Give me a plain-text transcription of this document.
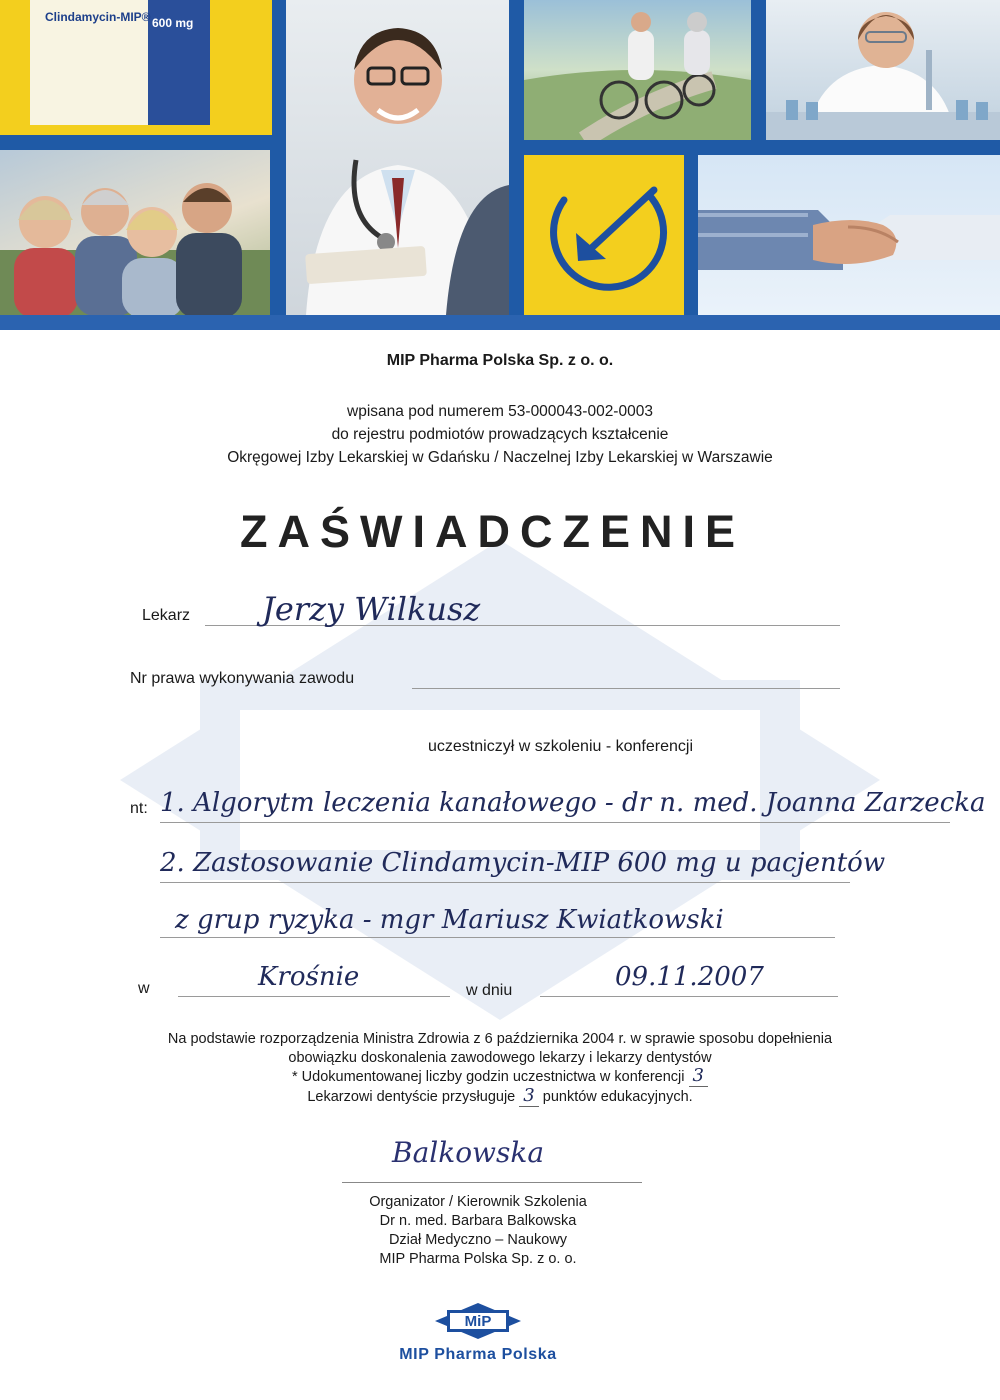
Clindamycin-MIP® 600 mg
MIP Pharma Polska Sp. z o. o.
wpisana pod numerem 53-000043-002-0003
do rejestru podmiotów prowadzących kształcenie
Okręgowej Izby Lekarskiej w Gdańsku / Naczelnej Izby Lekarskiej w Warszawie
ZAŚWIADCZENIE
Lekarz Jerzy Wilkusz
Nr prawa wykonywania zawodu
uczestniczył w szkoleniu - konferencji
nt: 1. Algorytm leczenia kanałowego - dr n. med. Joanna Zarzecka
2. Zastosowanie Clindamycin-MIP 600 mg u pacjentów
z grup ryzyka - mgr Mariusz Kwiatkowski
w	Krośnie	w dniu	09.11.2007
Na podstawie rozporządzenia Ministra Zdrowia z 6 października 2004 r. w sprawie sposobu dopełnienia
obowiązku doskonalenia zawodowego lekarzy i lekarzy dentystów
* Udokumentowanej liczby godzin uczestnictwa w konferencji 3
Lekarzowi dentyście przysługuje 3 punktów edukacyjnych.
Balkowska
Organizator / Kierownik Szkolenia
Dr n. med. Barbara Balkowska
Dział Medyczno – Naukowy
MIP Pharma Polska Sp. z o. o.
MiP
MIP Pharma Polska
